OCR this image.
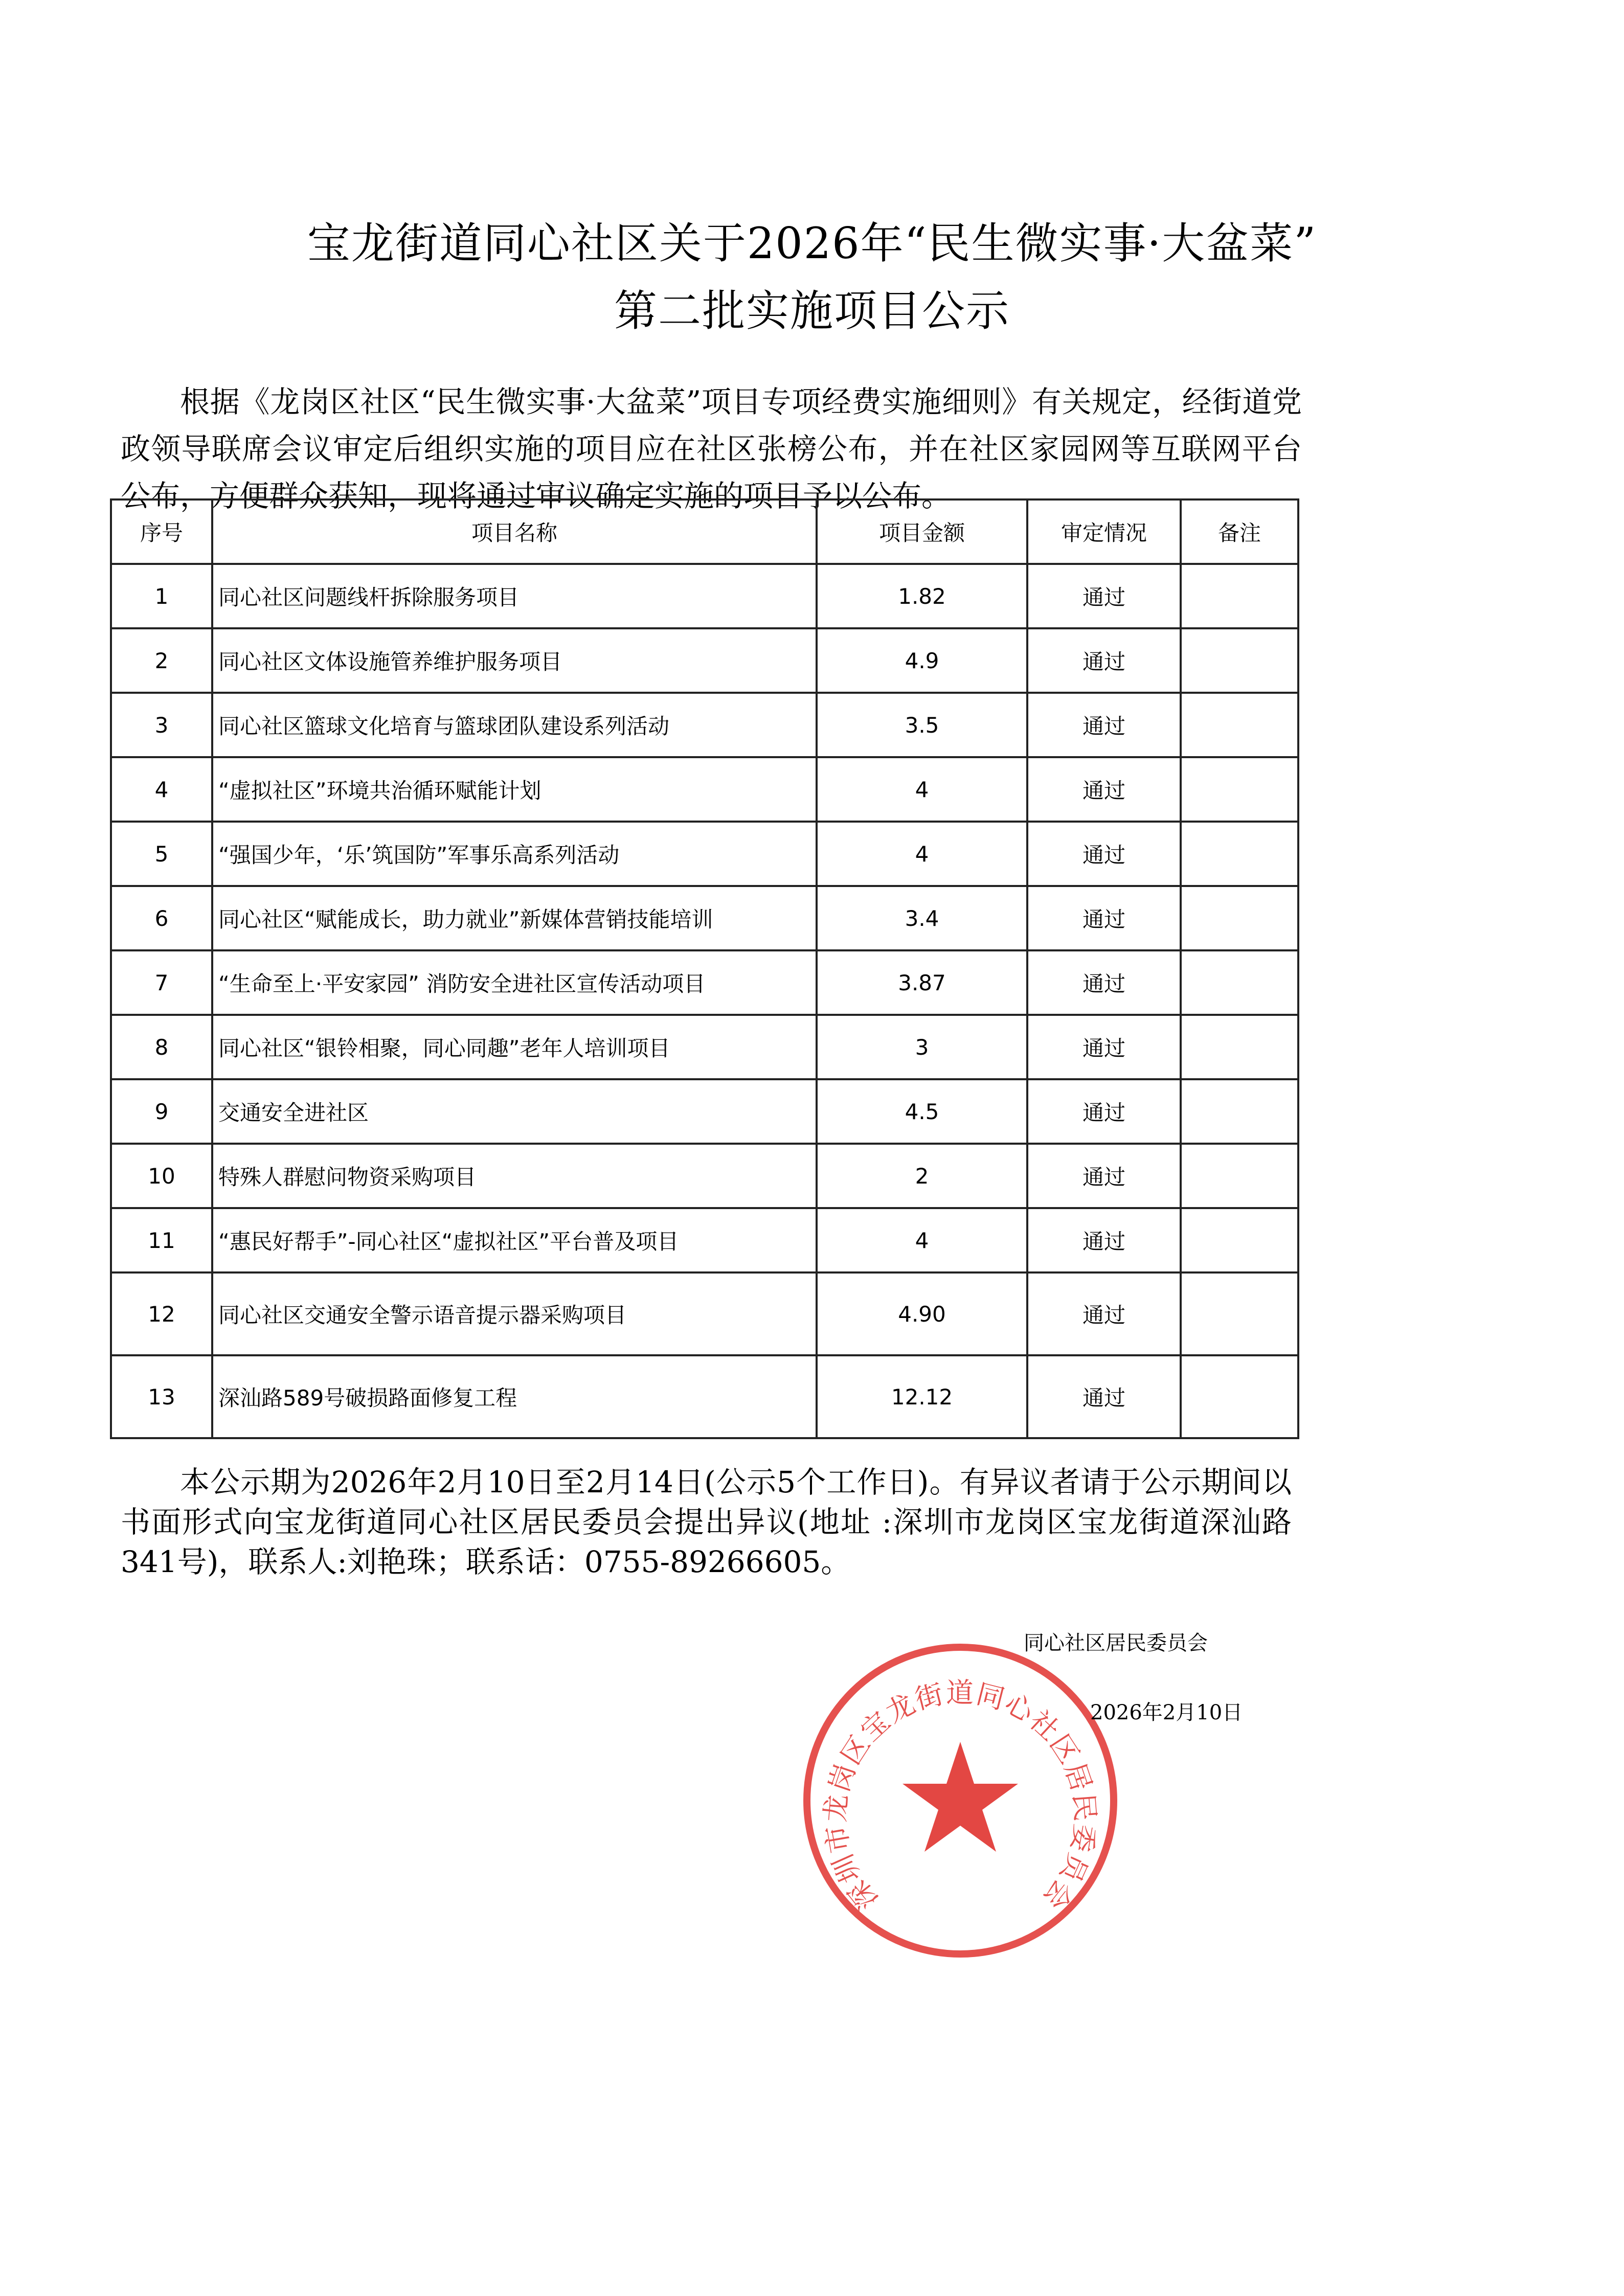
宝龙街道同心社区关于2026年“民生微实事·大盆菜”
第二批实施项目公示

根据《龙岗区社区“民生微实事·大盆菜”项目专项经费实施细则》有关规定，经街道党政领导联席会议审定后组织实施的项目应在社区张榜公布，并在社区家园网等互联网平台公布，方便群众获知，现将通过审议确定实施的项目予以公布。

序号	项目名称	项目金额	审定情况	备注
1	同心社区问题线杆拆除服务项目	1.82	通过	
2	同心社区文体设施管养维护服务项目	4.9	通过	
3	同心社区篮球文化培育与篮球团队建设系列活动	3.5	通过	
4	“虚拟社区”环境共治循环赋能计划	4	通过	
5	“强国少年，‘乐’筑国防”军事乐高系列活动	4	通过	
6	同心社区“赋能成长，助力就业”新媒体营销技能培训	3.4	通过	
7	“生命至上·平安家园” 消防安全进社区宣传活动项目	3.87	通过	
8	同心社区“银铃相聚，同心同趣”老年人培训项目	3	通过	
9	交通安全进社区	4.5	通过	
10	特殊人群慰问物资采购项目	2	通过	
11	“惠民好帮手”-同心社区“虚拟社区”平台普及项目	4	通过	
12	同心社区交通安全警示语音提示器采购项目	4.90	通过	
13	深汕路589号破损路面修复工程	12.12	通过	

本公示期为2026年2月10日至2月14日(公示5个工作日)。有异议者请于公示期间以书面形式向宝龙街道同心社区居民委员会提出异议(地址 :深圳市龙岗区宝龙街道深汕路341号)，联系人:刘艳珠；联系话：0755-89266605。

深圳市龙岗区宝龙街道同心社区居民委员会
同心社区居民委员会
2026年2月10日
